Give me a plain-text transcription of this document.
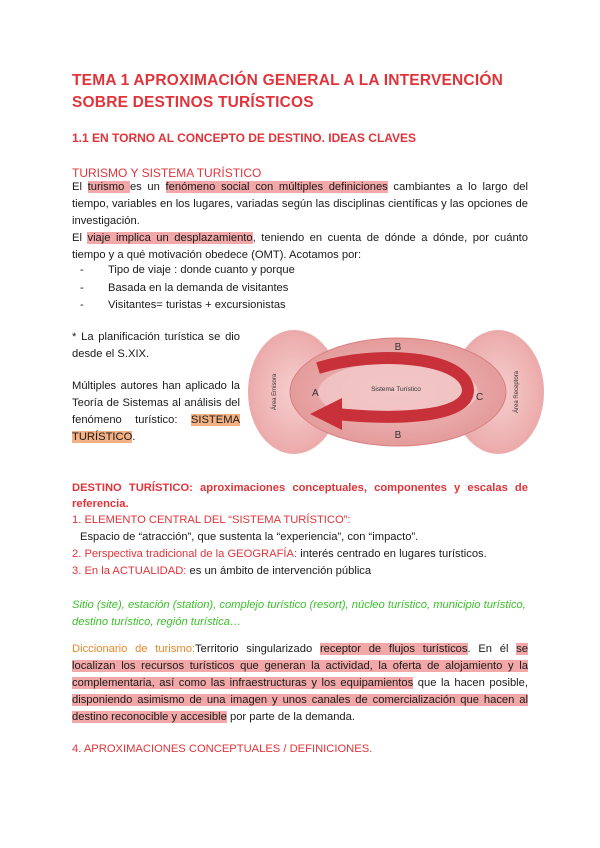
TEMA 1 APROXIMACIÓN GENERAL A LA INTERVENCIÓN SOBRE DESTINOS TURÍSTICOS
1.1 EN TORNO AL CONCEPTO DE DESTINO. IDEAS CLAVES
TURISMO Y SISTEMA TURÍSTICO
El turismo es un fenómeno social con múltiples definiciones cambiantes a lo largo del tiempo, variables en los lugares, variadas según las disciplinas científicas y las opciones de investigación.
El viaje implica un desplazamiento, teniendo en cuenta de dónde a dónde, por cuánto tiempo y a qué motivación obedece (OMT). Acotamos por:
- Tipo de viaje : donde cuanto y porque
- Basada en la demanda de visitantes
- Visitantes= turistas + excursionistas
* La planificación turística se dio desde el S.XIX.
Múltiples autores han aplicado la Teoría de Sistemas al análisis del fenómeno turístico: SISTEMA TURÍSTICO.
B
B
A	C
Sistema Turístico
Área Emisora	Área Receptora
DESTINO TURÍSTICO: aproximaciones conceptuales, componentes y escalas de referencia.
1. ELEMENTO CENTRAL DEL “SISTEMA TURÍSTICO”:
Espacio de “atracción”, que sustenta la “experiencia”, con “impacto”.
2. Perspectiva tradicional de la GEOGRAFÍA: interés centrado en lugares turísticos.
3. En la ACTUALIDAD: es un ámbito de intervención pública
Sitio (site), estación (station), complejo turístico (resort), núcleo turístico, municipio turístico, destino turístico, región turística…
Diccionario de turismo:Territorio singularizado receptor de flujos turísticos. En él se localizan los recursos turísticos que generan la actividad, la oferta de alojamiento y la complementaria, así como las infraestructuras y los equipamientos que la hacen posible, disponiendo asimismo de una imagen y unos canales de comercialización que hacen al destino reconocible y accesible por parte de la demanda.
4. APROXIMACIONES CONCEPTUALES / DEFINICIONES.
